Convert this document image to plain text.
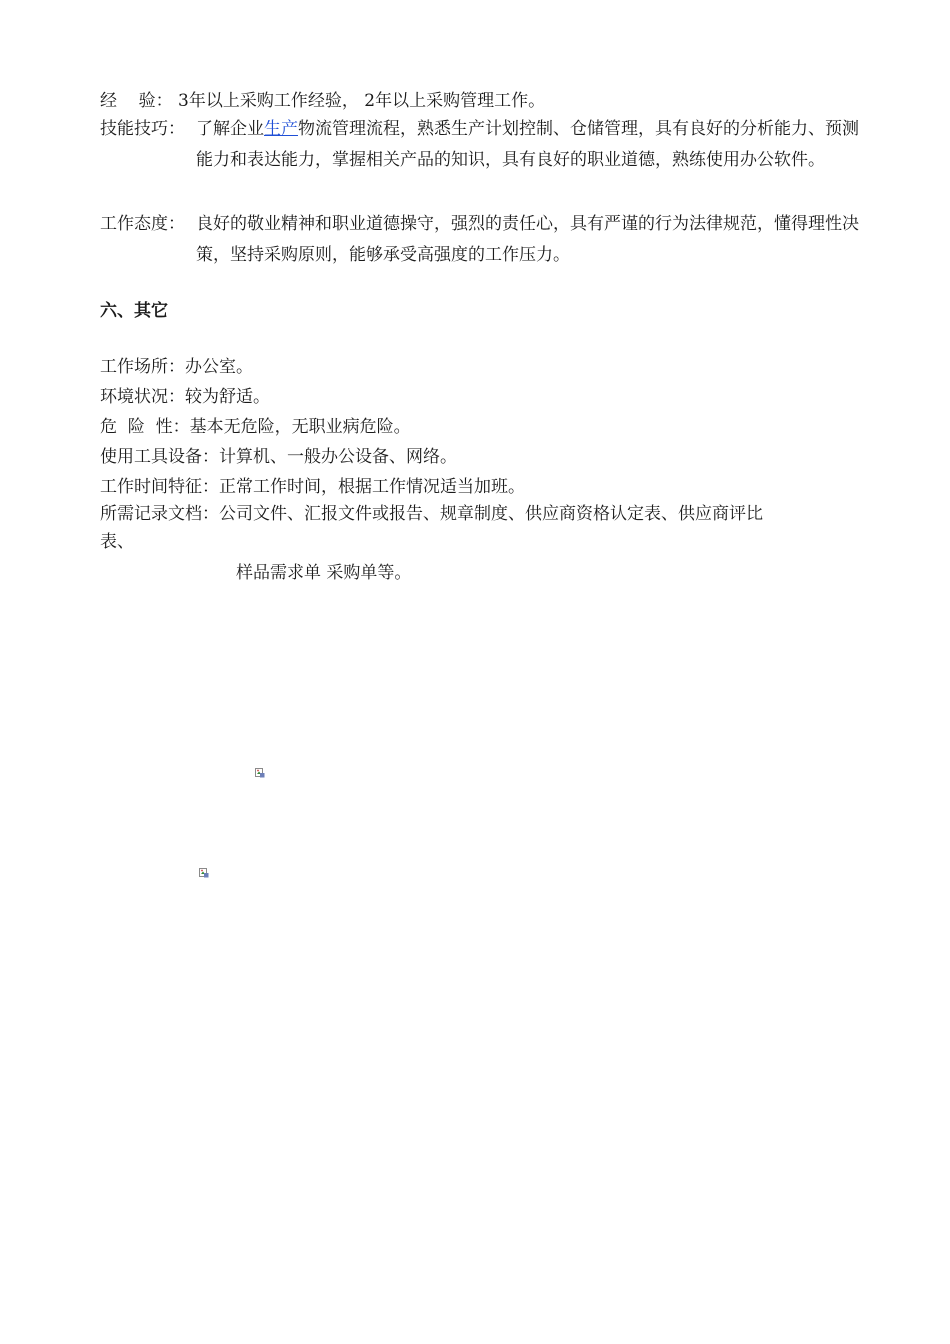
经    验： 3年以上采购工作经验， 2年以上采购管理工作。
技能技巧： 了解企业生产物流管理流程，熟悉生产计划控制、仓储管理，具有良好的分析能力、预测能力和表达能力，掌握相关产品的知识，具有良好的职业道德，熟练使用办公软件。
工作态度： 良好的敬业精神和职业道德操守，强烈的责任心，具有严谨的行为法律规范，懂得理性决策，坚持采购原则，能够承受高强度的工作压力。
六、其它
工作场所：办公室。
环境状况：较为舒适。
危  险  性：基本无危险，无职业病危险。
使用工具设备：计算机、一般办公设备、网络。
工作时间特征：正常工作时间，根据工作情况适当加班。
所需记录文档：公司文件、汇报文件或报告、规章制度、供应商资格认定表、供应商评比
表、
样品需求单 采购单等。
